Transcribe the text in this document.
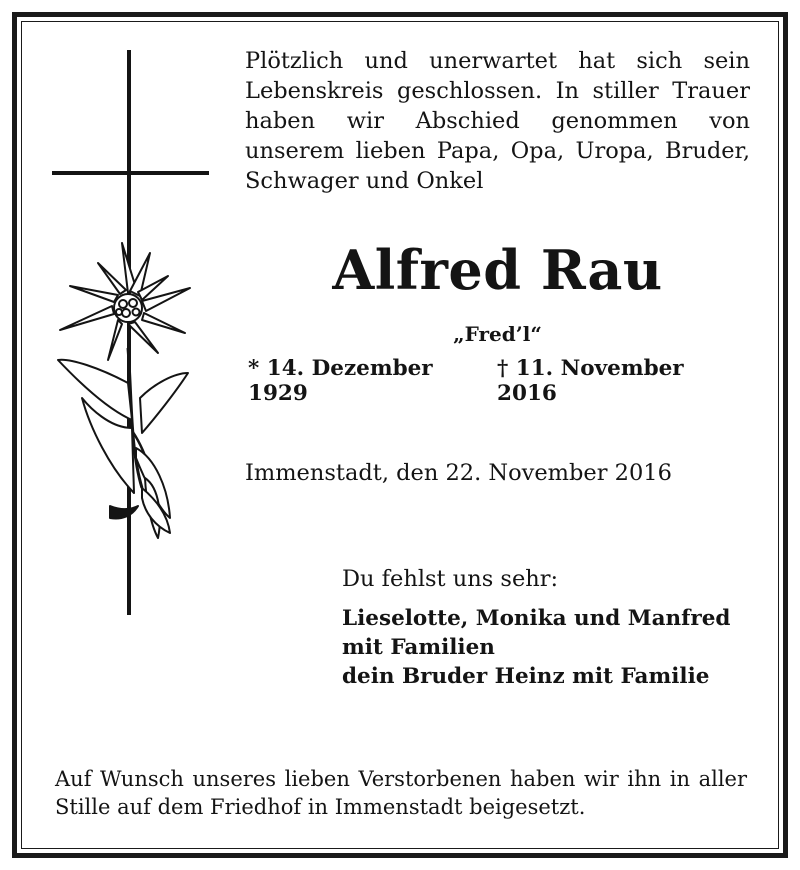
Plötzlich und unerwartet hat sich sein Lebenskreis geschlossen. In stiller Trauer haben wir Abschied genommen von unserem lieben Papa, Opa, Uropa, Bruder, Schwager und Onkel
Alfred Rau
„Fred’l“
* 14. Dezember 1929
† 11. November 2016
Immenstadt, den 22. November 2016
Du fehlst uns sehr:
Lieselotte, Monika und Manfred
mit Familien
dein Bruder Heinz mit Familie
Auf Wunsch unseres lieben Verstorbenen haben wir ihn in aller Stille auf dem Friedhof in Immenstadt beigesetzt.
